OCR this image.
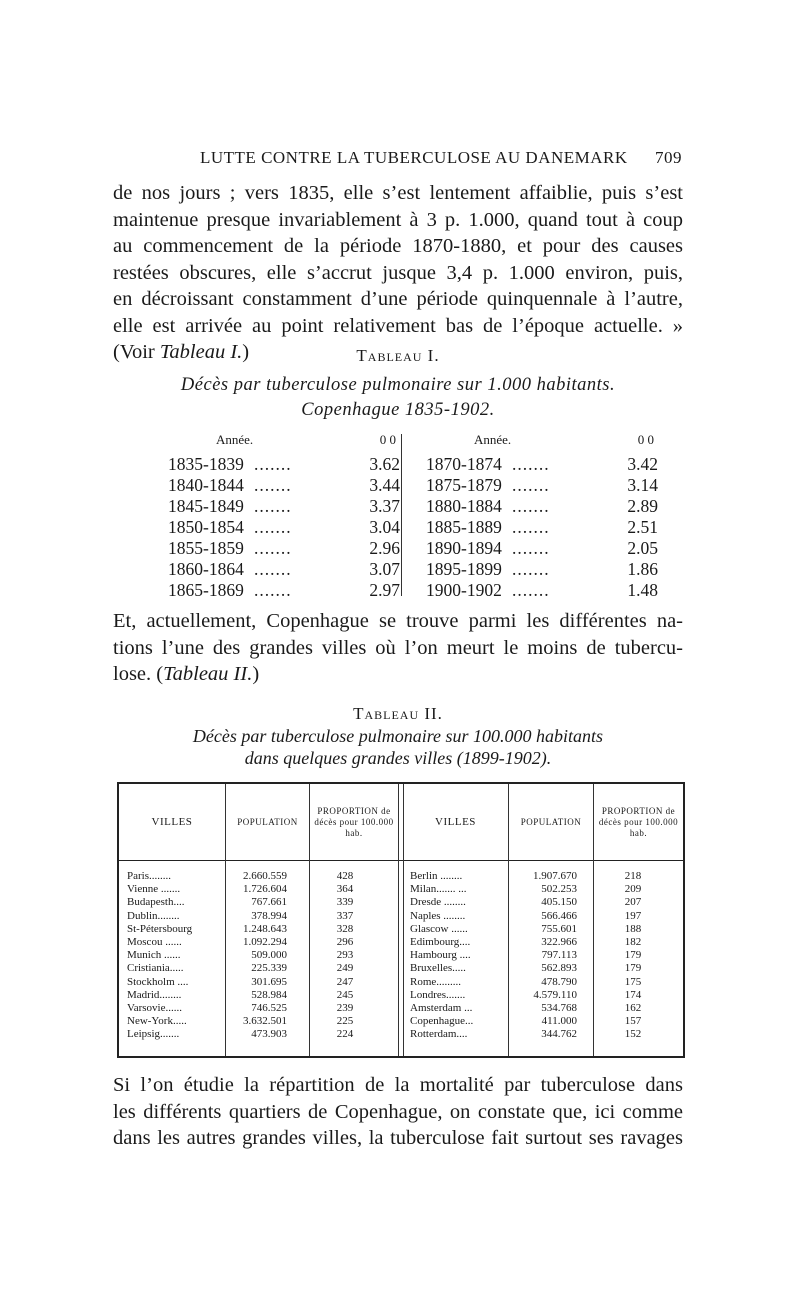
LUTTE CONTRE LA TUBERCULOSE AU DANEMARK 709
de nos jours ; vers 1835, elle s’est lentement affaiblie, puis s’est
maintenue presque invariablement à 3 p. 1.000, quand tout à coup
au commencement de la période 1870-1880, et pour des causes
restées obscures, elle s’accrut jusque 3,4 p. 1.000 environ, puis,
en décroissant constamment d’une période quinquennale à l’autre,
elle est arrivée au point relativement bas de l’époque actuelle. »
(Voir Tableau I.)	Tableau I.
Décès par tuberculose pulmonaire sur 1.000 habitants.
Copenhague 1835-1902.
Année.	0 0
1835-1839 .......	3.62
1840-1844 .......	3.44
1845-1849 .......	3.37
1850-1854 .......	3.04
1855-1859 .......	2.96
1860-1864 .......	3.07
1865-1869 .......	2.97
Année.	0 0
1870-1874 .......	3.42
1875-1879 .......	3.14
1880-1884 .......	2.89
1885-1889 .......	2.51
1890-1894 .......	2.05
1895-1899 .......	1.86
1900-1902 .......	1.48
Et, actuellement, Copenhague se trouve parmi les différentes na-
tions l’une des grandes villes où l’on meurt le moins de tubercu-
lose. (Tableau II.)
Tableau II.
Décès par tuberculose pulmonaire sur 100.000 habitants
dans quelques grandes villes (1899-1902).
VILLES	POPULATION
PROPORTION de décès pour 100.000 hab.
VILLES	POPULATION
PROPORTION de décès pour 100.000 hab.
Paris........	2.660.559	428	Berlin ........	1.907.670	218
Vienne .......	1.726.604	364	Milan....... ...	502.253	209
Budapesth....	767.661	339	Dresde ........	405.150	207
Dublin........	378.994	337	Naples ........	566.466	197
St-Pétersbourg	1.248.643	328	Glascow ......	755.601	188
Moscou ......	1.092.294	296	Edimbourg....	322.966	182
Munich ......	509.000	293	Hambourg ....	797.113	179
Cristiania.....	225.339	249	Bruxelles.....	562.893	179
Stockholm ....	301.695	247	Rome.........	478.790	175
Madrid........	528.984	245	Londres.......	4.579.110	174
Varsovie......	746.525	239	Amsterdam ...	534.768	162
New-York.....	3.632.501	225	Copenhague...	411.000	157
Leipsig.......	473.903	224	Rotterdam....	344.762	152
Si l’on étudie la répartition de la mortalité par tuberculose dans
les différents quartiers de Copenhague, on constate que, ici comme
dans les autres grandes villes, la tuberculose fait surtout ses ravages
